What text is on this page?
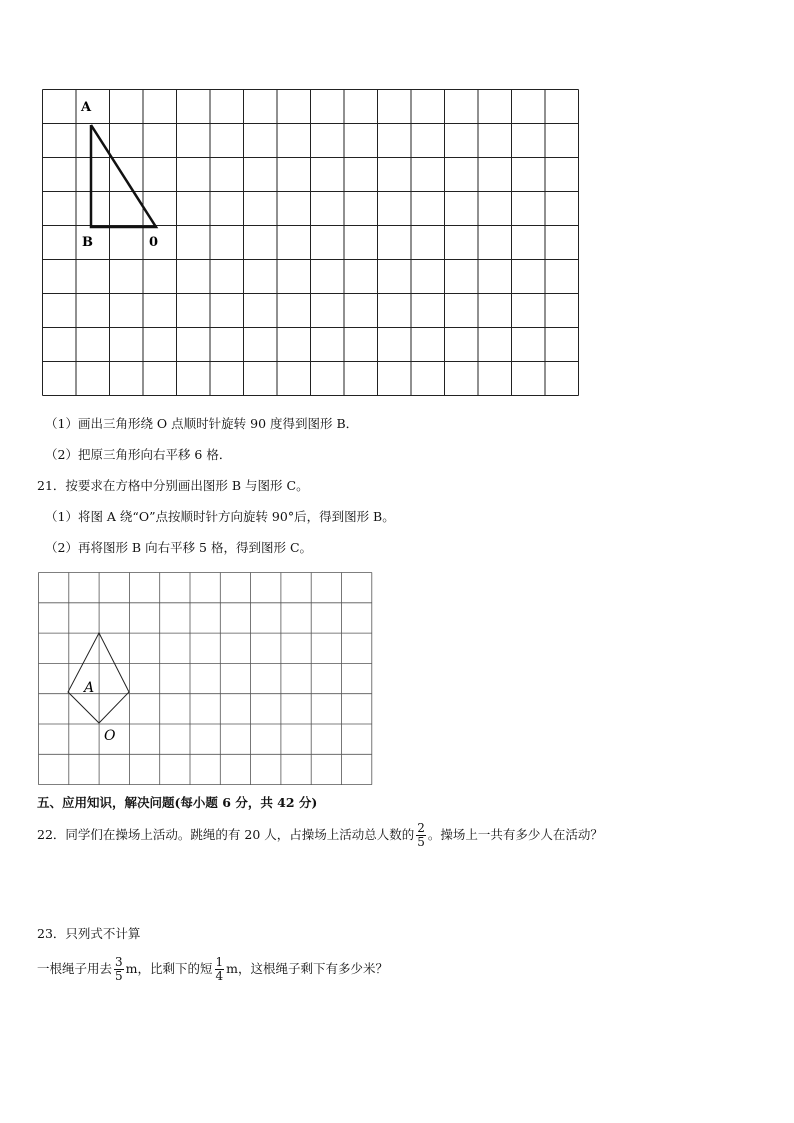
A
B	0
（1）画出三角形绕 O 点顺时针旋转 90 度得到图形 B．
（2）把原三角形向右平移 6 格．
21．按要求在方格中分别画出图形 B 与图形 C。
（1）将图 A 绕“O”点按顺时针方向旋转 90°后，得到图形 B。
（2）再将图形 B 向右平移 5 格，得到图形 C。
A
O
五、应用知识，解决问题(每小题 6 分，共 42 分)
22．同学们在操场上活动。跳绳的有 20 人，占操场上活动总人数的 $\frac{2}{5}$ 。操场上一共有多少人在活动？
23．只列式不计算
一根绳子用去 $\frac{3}{5}$ m，比剩下的短 $\frac{1}{4}$ m，这根绳子剩下有多少米？
